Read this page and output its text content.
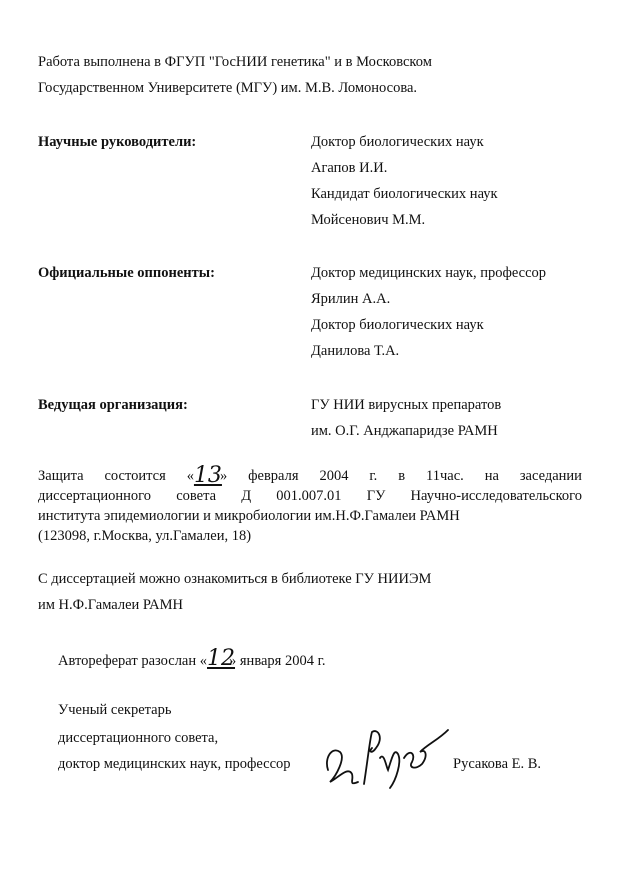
Работа выполнена в ФГУП "ГосНИИ генетика" и в Московском
Государственном Университете (МГУ) им. М.В. Ломоносова.
Научные руководители:	Доктор биологических наук
Агапов И.И.
Кандидат биологических наук
Мойсенович М.М.
Официальные оппоненты:	Доктор медицинских наук, профессор
Ярилин А.А.
Доктор биологических наук
Данилова Т.А.
Ведущая организация:	ГУ НИИ вирусных препаратов
им. О.Г. Анджапаридзе РАМН
Защита состоится « 13
» февраля 2004 г. в 11час. на заседании
диссертационного совета Д 001.007.01 ГУ Научно-исследовательского
института эпидемиологии и микробиологии им.Н.Ф.Гамалеи РАМН
(123098, г.Москва, ул.Гамалеи, 18)
С диссертацией можно ознакомиться в библиотеке ГУ НИИЭМ
им Н.Ф.Гамалеи РАМН
Автореферат разослан «12» января 2004 г.
Ученый секретарь
диссертационного совета,
доктор медицинских наук, профессор	Русакова Е. В.
